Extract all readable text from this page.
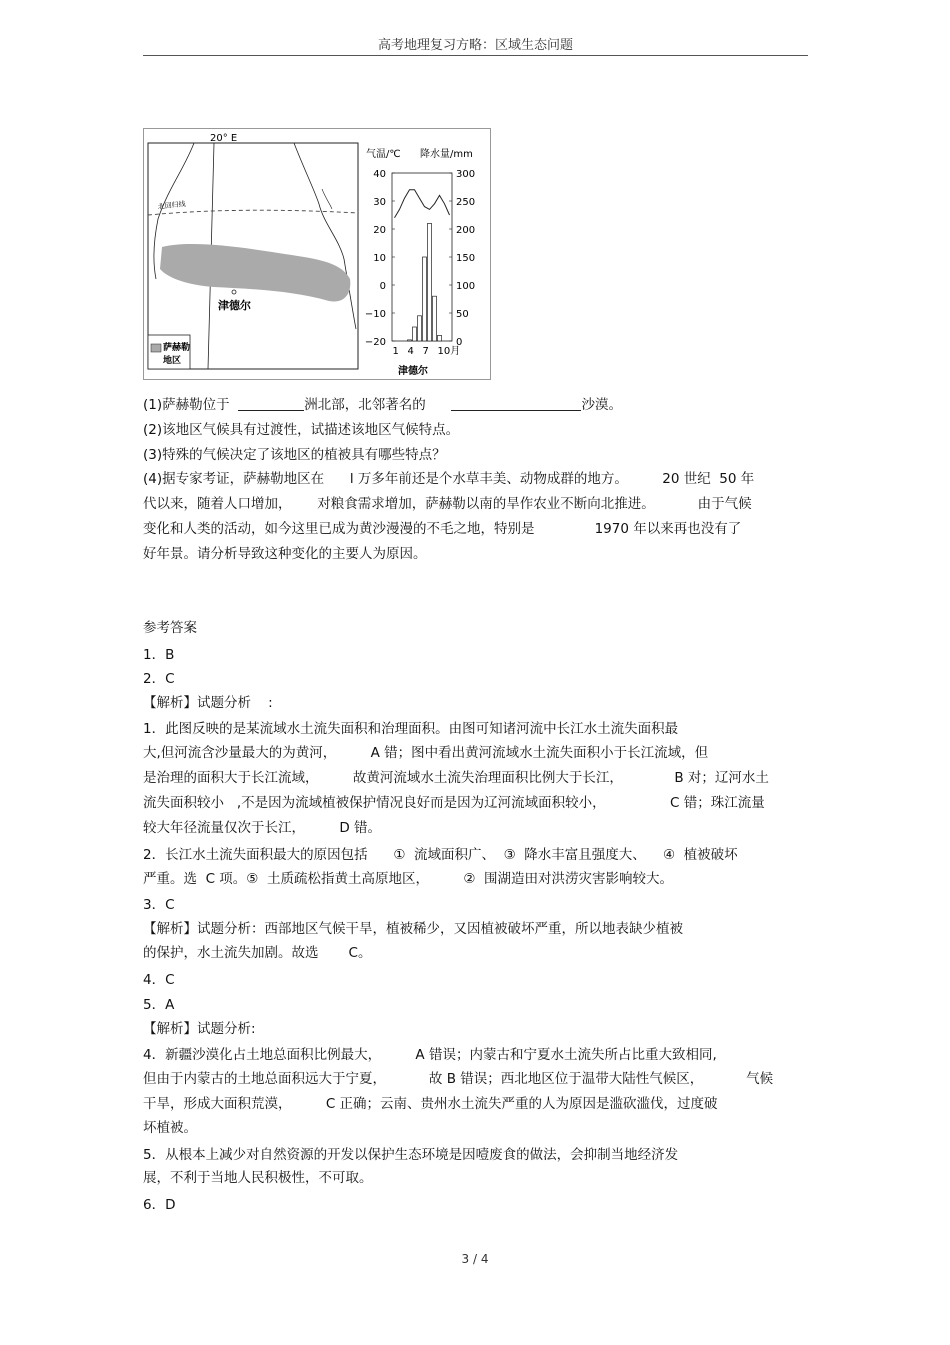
高考地理复习方略：区域生态问题
20° E
北回归线
津德尔
萨赫勒
地区
气温/℃ 降水量/mm
40
30
20
10
0
−10
−20
300
250
200
150
100
50
0
1 4 7 10月
津德尔
(1)萨赫勒位于	洲北部，北邻著名的	沙漠。
(2)该地区气候具有过渡性，试描述该地区气候特点。
(3)特殊的气候决定了该地区的植被具有哪些特点？
(4)据专家考证，萨赫勒地区在      l 万多年前还是个水草丰美、动物成群的地方。        20 世纪  50 年
代以来，随着人口增加，      对粮食需求增加，萨赫勒以南的旱作农业不断向北推进。          由于气候
变化和人类的活动，如今这里已成为黄沙漫漫的不毛之地，特别是              1970 年以来再也没有了
好年景。请分析导致这种变化的主要人为原因。
参考答案
1．B
2．C
【解析】试题分析    :
1．此图反映的是某流域水土流失面积和治理面积。由图可知诸河流中长江水土流失面积最
大,但河流含沙量最大的为黄河，        A 错；图中看出黄河流域水土流失面积小于长江流域，但
是治理的面积大于长江流域，        故黄河流域水土流失治理面积比例大于长江，            B 对；辽河水土
流失面积较小   ,不是因为流域植被保护情况良好而是因为辽河流域面积较小，               C 错；珠江流量
较大年径流量仅次于长江，        D 错。
2．长江水土流失面积最大的原因包括      ①  流域面积广、  ③  降水丰富且强度大、    ④  植被破坏
严重。选  C 项。⑤  土质疏松指黄土高原地区，        ②  围湖造田对洪涝灾害影响较大。
3．C
【解析】试题分析：西部地区气候干旱，植被稀少，又因植被破坏严重，所以地表缺少植被
的保护，水土流失加剧。故选       C。
4．C
5．A
【解析】试题分析:
4．新疆沙漠化占土地总面积比例最大，        A 错误；内蒙古和宁夏水土流失所占比重大致相同,
但由于内蒙古的土地总面积远大于宁夏，          故 B 错误；西北地区位于温带大陆性气候区，          气候
干旱，形成大面积荒漠，        C 正确；云南、贵州水土流失严重的人为原因是滥砍滥伐，过度破
坏植被。
5．从根本上减少对自然资源的开发以保护生态环境是因噎废食的做法，会抑制当地经济发
展，不利于当地人民积极性，不可取。
6．D
3 / 4
